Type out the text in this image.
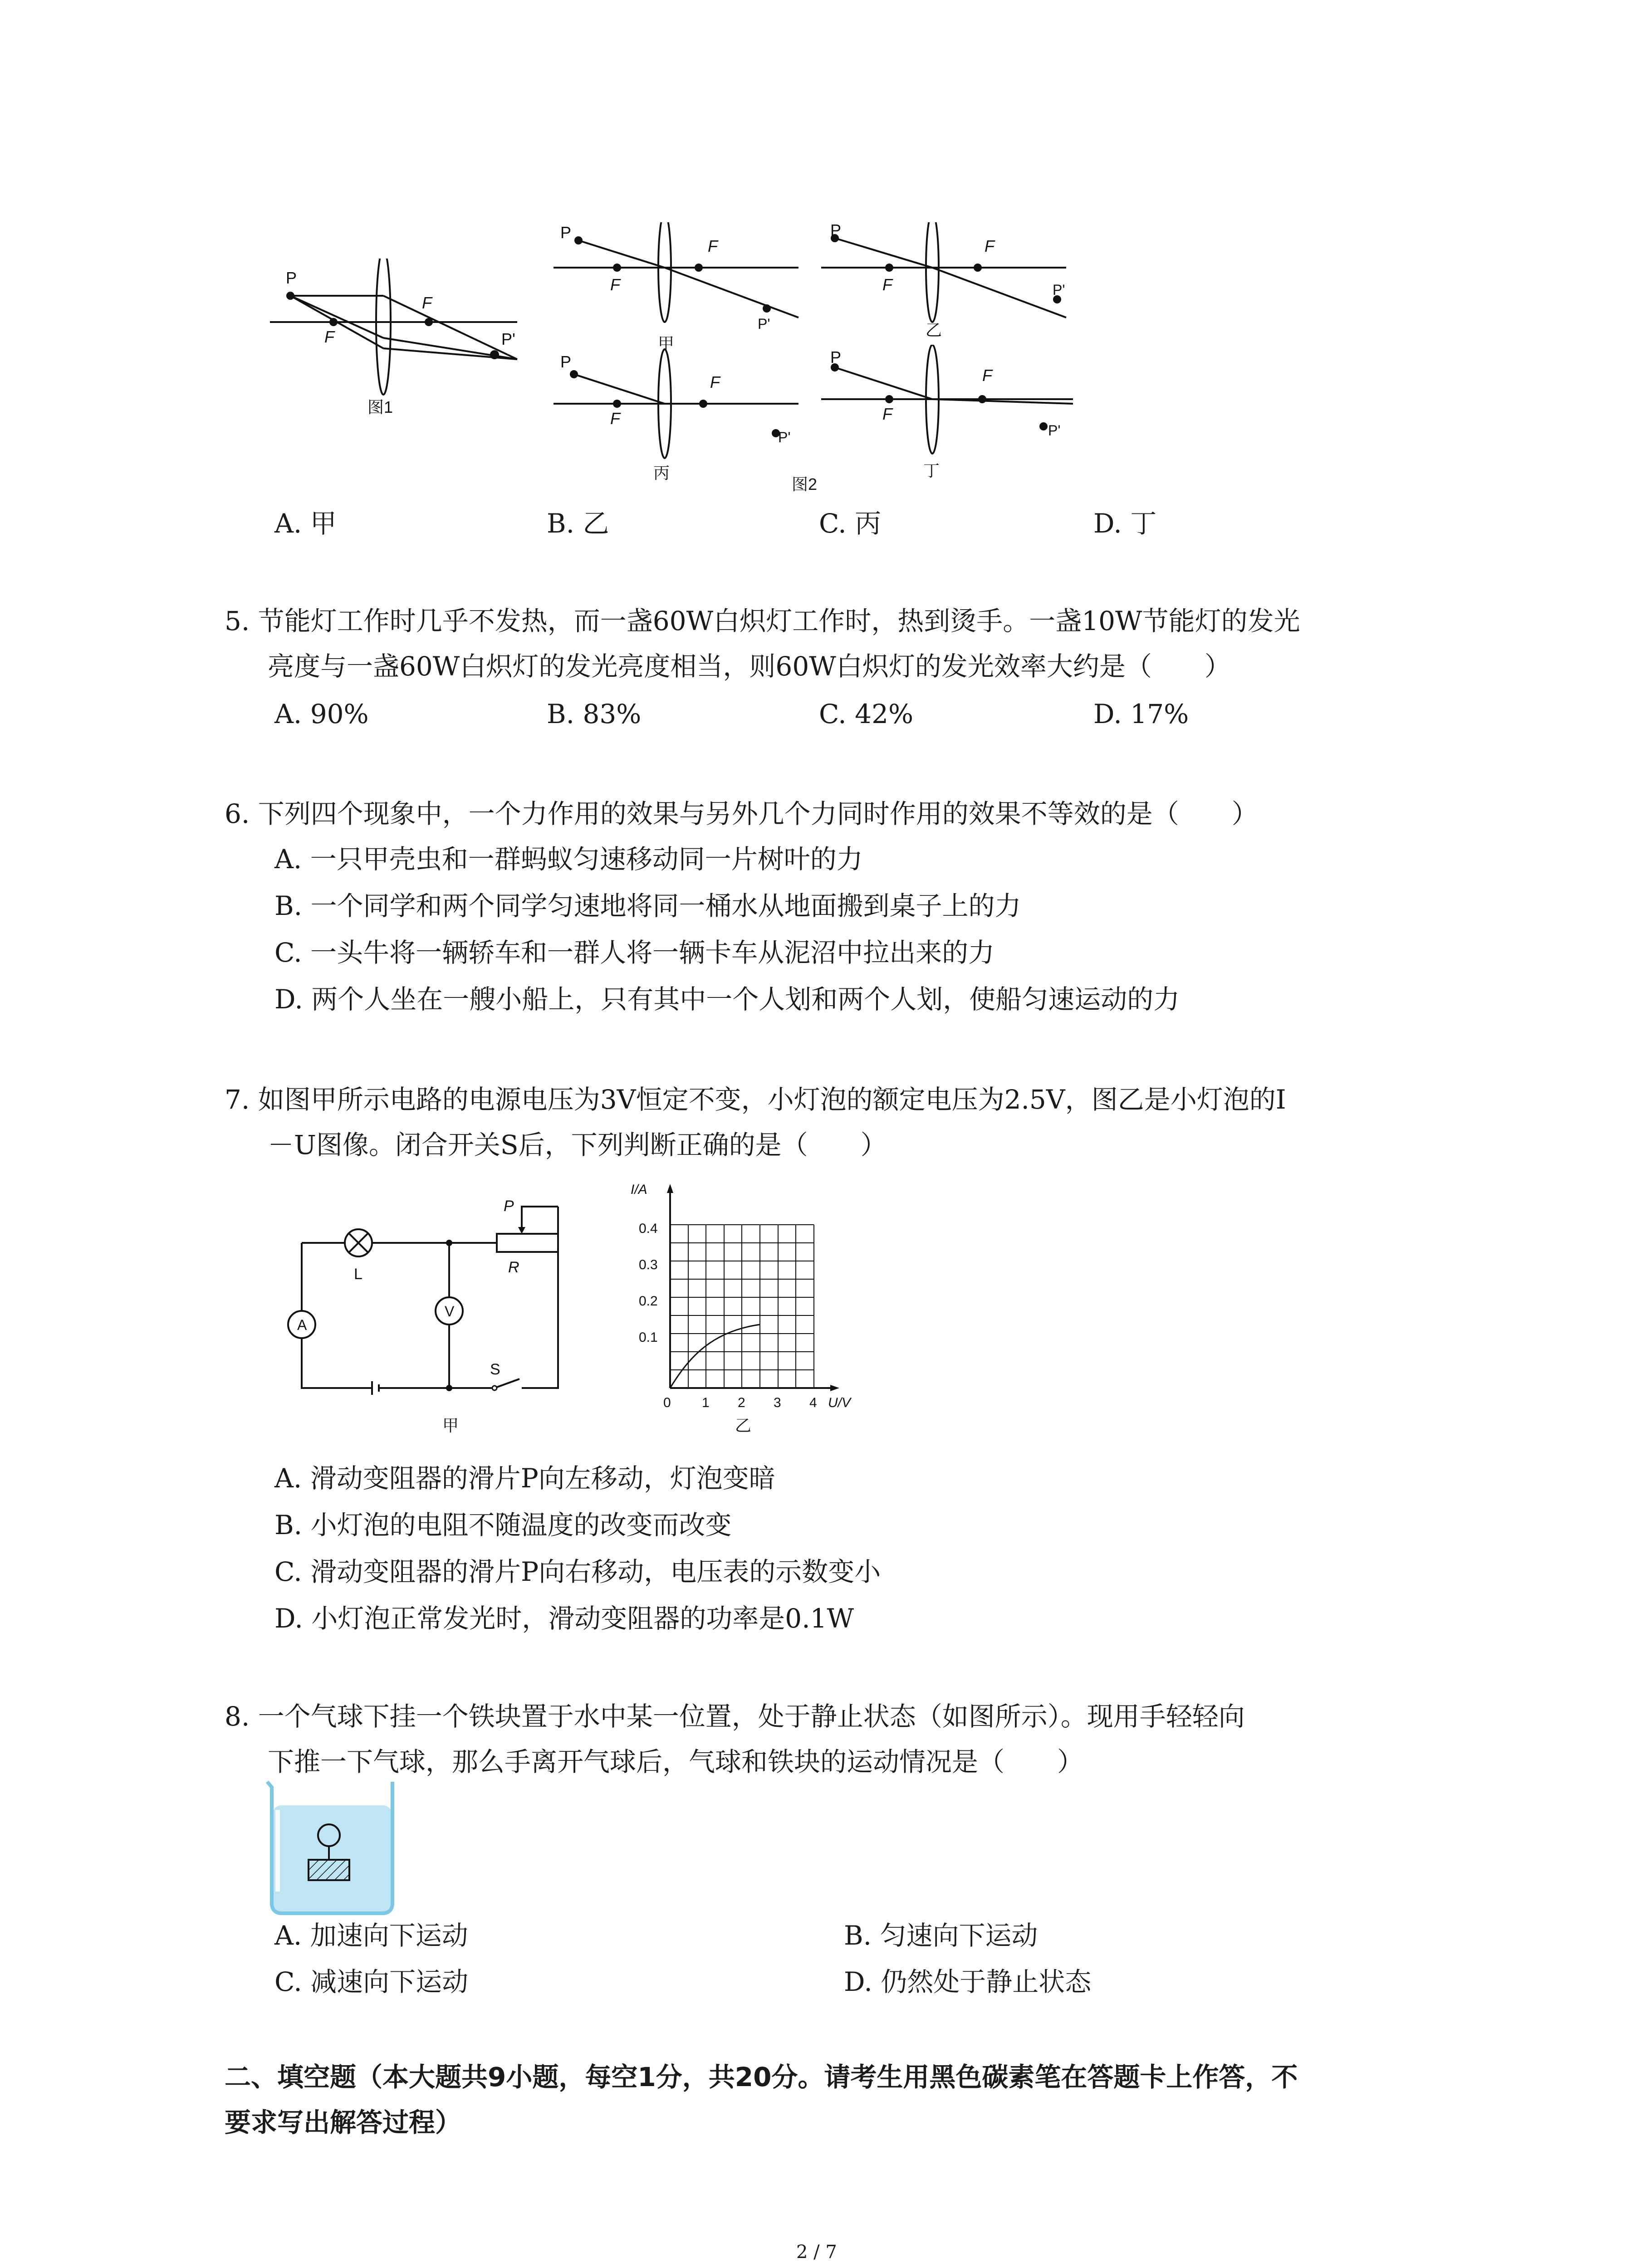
P
F
F
P'
图1
P
F
F
P'
甲
P
F
F
P'
乙
P
F
F
P'
丙
P
F
F
P'
丁
图2
A. 甲	B. 乙	C. 丙	D. 丁
5. 节能灯工作时几乎不发热，而一盏60W白炽灯工作时，热到烫手。一盏10W节能灯的发光
亮度与一盏60W白炽灯的发光亮度相当，则60W白炽灯的发光效率大约是（　　）
A. 90%	B. 83%	C. 42%	D. 17%
6. 下列四个现象中，一个力作用的效果与另外几个力同时作用的效果不等效的是（　　）
A. 一只甲壳虫和一群蚂蚁匀速移动同一片树叶的力
B. 一个同学和两个同学匀速地将同一桶水从地面搬到桌子上的力
C. 一头牛将一辆轿车和一群人将一辆卡车从泥沼中拉出来的力
D. 两个人坐在一艘小船上，只有其中一个人划和两个人划，使船匀速运动的力
7. 如图甲所示电路的电源电压为3V恒定不变，小灯泡的额定电压为2.5V，图乙是小灯泡的I
－U图像。闭合开关S后，下列判断正确的是（　　）
A
V
L
P
R
S
甲
I/A
0.4
0.3
0.2
0.1
0 1 2 3 4 U/V
乙
A. 滑动变阻器的滑片P向左移动，灯泡变暗
B. 小灯泡的电阻不随温度的改变而改变
C. 滑动变阻器的滑片P向右移动，电压表的示数变小
D. 小灯泡正常发光时，滑动变阻器的功率是0.1W
8. 一个气球下挂一个铁块置于水中某一位置，处于静止状态（如图所示）。现用手轻轻向
下推一下气球，那么手离开气球后，气球和铁块的运动情况是（　　）
A. 加速向下运动	B. 匀速向下运动
C. 减速向下运动	D. 仍然处于静止状态
二、填空题（本大题共9小题，每空1分，共20分。请考生用黑色碳素笔在答题卡上作答，不
要求写出解答过程）
2 / 7
